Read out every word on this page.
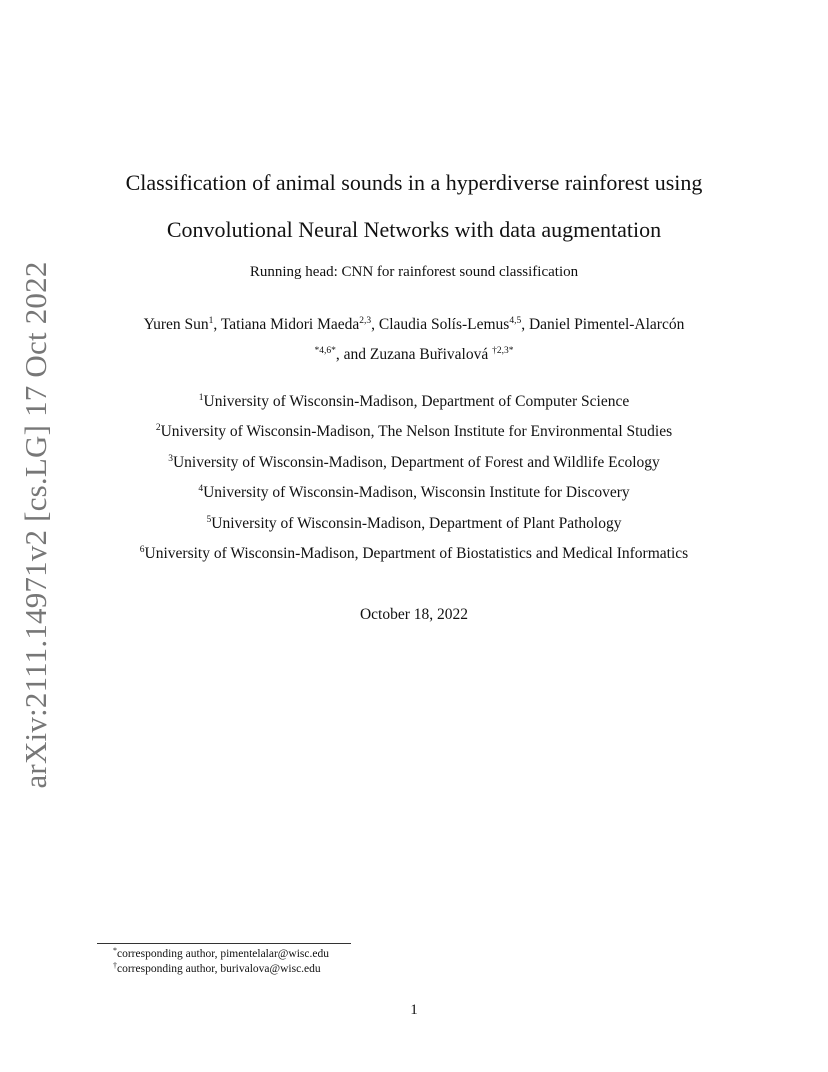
arXiv:2111.14971v2 [cs.LG] 17 Oct 2022
Classification of animal sounds in a hyperdiverse rainforest using
Convolutional Neural Networks with data augmentation
Running head: CNN for rainforest sound classification
Yuren Sun$^1$, Tatiana Midori Maeda$^{2,3}$, Claudia Solís-Lemus$^{4,5}$, Daniel Pimentel-Alarcón
$^{*4,6*}$, and Zuzana Buřivalová $^{\dagger 2,3*}$
$^1$University of Wisconsin-Madison, Department of Computer Science
$^2$University of Wisconsin-Madison, The Nelson Institute for Environmental Studies
$^3$University of Wisconsin-Madison, Department of Forest and Wildlife Ecology
$^4$University of Wisconsin-Madison, Wisconsin Institute for Discovery
$^5$University of Wisconsin-Madison, Department of Plant Pathology
$^6$University of Wisconsin-Madison, Department of Biostatistics and Medical Informatics
October 18, 2022
*corresponding author, pimentelalar@wisc.edu
†corresponding author, burivalova@wisc.edu
1
